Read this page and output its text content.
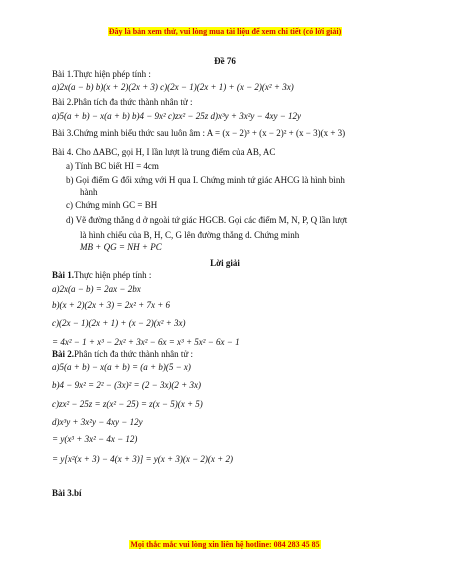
Đây là bản xem thử, vui lòng mua tài liệu để xem chi tiết (có lời giải)
Đề 76
Bài 1.Thực hiện phép tính :
a)2x(a − b) b)(x + 2)(2x + 3) c)(2x − 1)(2x + 1) + (x − 2)(x² + 3x)
Bài 2.Phân tích đa thức thành nhân tử :
a)5(a + b) − x(a + b) b)4 − 9x² c)zx² − 25z d)x³y + 3x²y − 4xy − 12y
Bài 3.Chứng minh biểu thức sau luôn âm : A = (x − 2)³ + (x − 2)² + (x − 3)(x + 3)
Bài 4. Cho ΔABC, gọi H, I lần lượt là trung điểm của AB, AC
a) Tính BC biết HI = 4cm
b) Gọi điểm G đối xứng với H qua I. Chứng minh tứ giác AHCG là hình bình
hành
c) Chứng minh GC = BH
d) Vẽ đường thẳng d ở ngoài tứ giác HGCB. Gọi các điểm M, N, P, Q lần lượt
là hình chiếu của B, H, C, G lên đường thẳng d. Chứng minh
MB + QG = NH + PC
Lời giải
Bài 1.Thực hiện phép tính :
a)2x(a − b) = 2ax − 2bx
b)(x + 2)(2x + 3) = 2x² + 7x + 6
c)(2x − 1)(2x + 1) + (x − 2)(x² + 3x)
= 4x² − 1 + x³ − 2x² + 3x² − 6x = x³ + 5x² − 6x − 1
Bài 2.Phân tích đa thức thành nhân tử :
a)5(a + b) − x(a + b) = (a + b)(5 − x)
b)4 − 9x² = 2² − (3x)² = (2 − 3x)(2 + 3x)
c)zx² − 25z = z(x² − 25) = z(x − 5)(x + 5)
d)x³y + 3x²y − 4xy − 12y
= y(x³ + 3x² − 4x − 12)
= y[x²(x + 3) − 4(x + 3)] = y(x + 3)(x − 2)(x + 2)
Bài 3.bí
Mọi thắc mắc vui lòng xin liên hệ hotline: 084 283 45 85
